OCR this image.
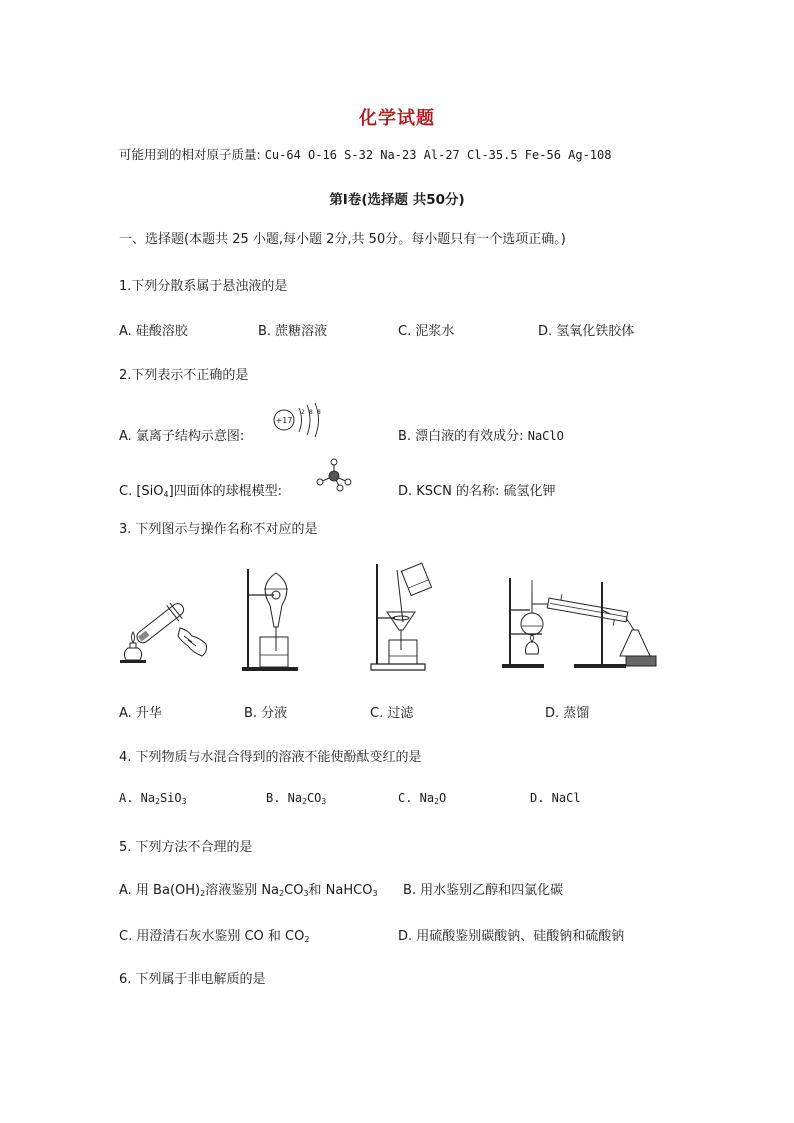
化学试题
可能用到的相对原子质量: Cu-64 O-16 S-32 Na-23 Al-27 Cl-35.5 Fe-56 Ag-108
第I卷(选择题 共50分)
一、选择题(本题共 25 小题,每小题 2分,共 50分。每小题只有一个选项正确。)
1.下列分散系属于悬浊液的是
A. 硅酸溶胶	B. 蔗糖溶液	C. 泥浆水	D. 氢氧化铁胶体
2.下列表示不正确的是
A. 氯离子结构示意图:
+17
2 8 8
B. 漂白液的有效成分: NaClO
C. [SiO$_4$]四面体的球棍模型:	D. KSCN 的名称: 硫氢化钾
3. 下列图示与操作名称不对应的是
A. 升华	B. 分液	C. 过滤	D. 蒸馏
4. 下列物质与水混合得到的溶液不能使酚酞变红的是
A. $Na_2SiO_3$	B. $Na_2CO_3$	C. $Na_2O$	D. NaCl
5. 下列方法不合理的是
A. 用 $Ba(OH)_2$溶液鉴别 $Na_2CO_3$和 NaHCO$_3$ B. 用水鉴别乙醇和四氯化碳
C. 用澄清石灰水鉴别 CO 和 $CO_2$	D. 用硫酸鉴别碳酸钠、硅酸钠和硫酸钠
6. 下列属于非电解质的是
